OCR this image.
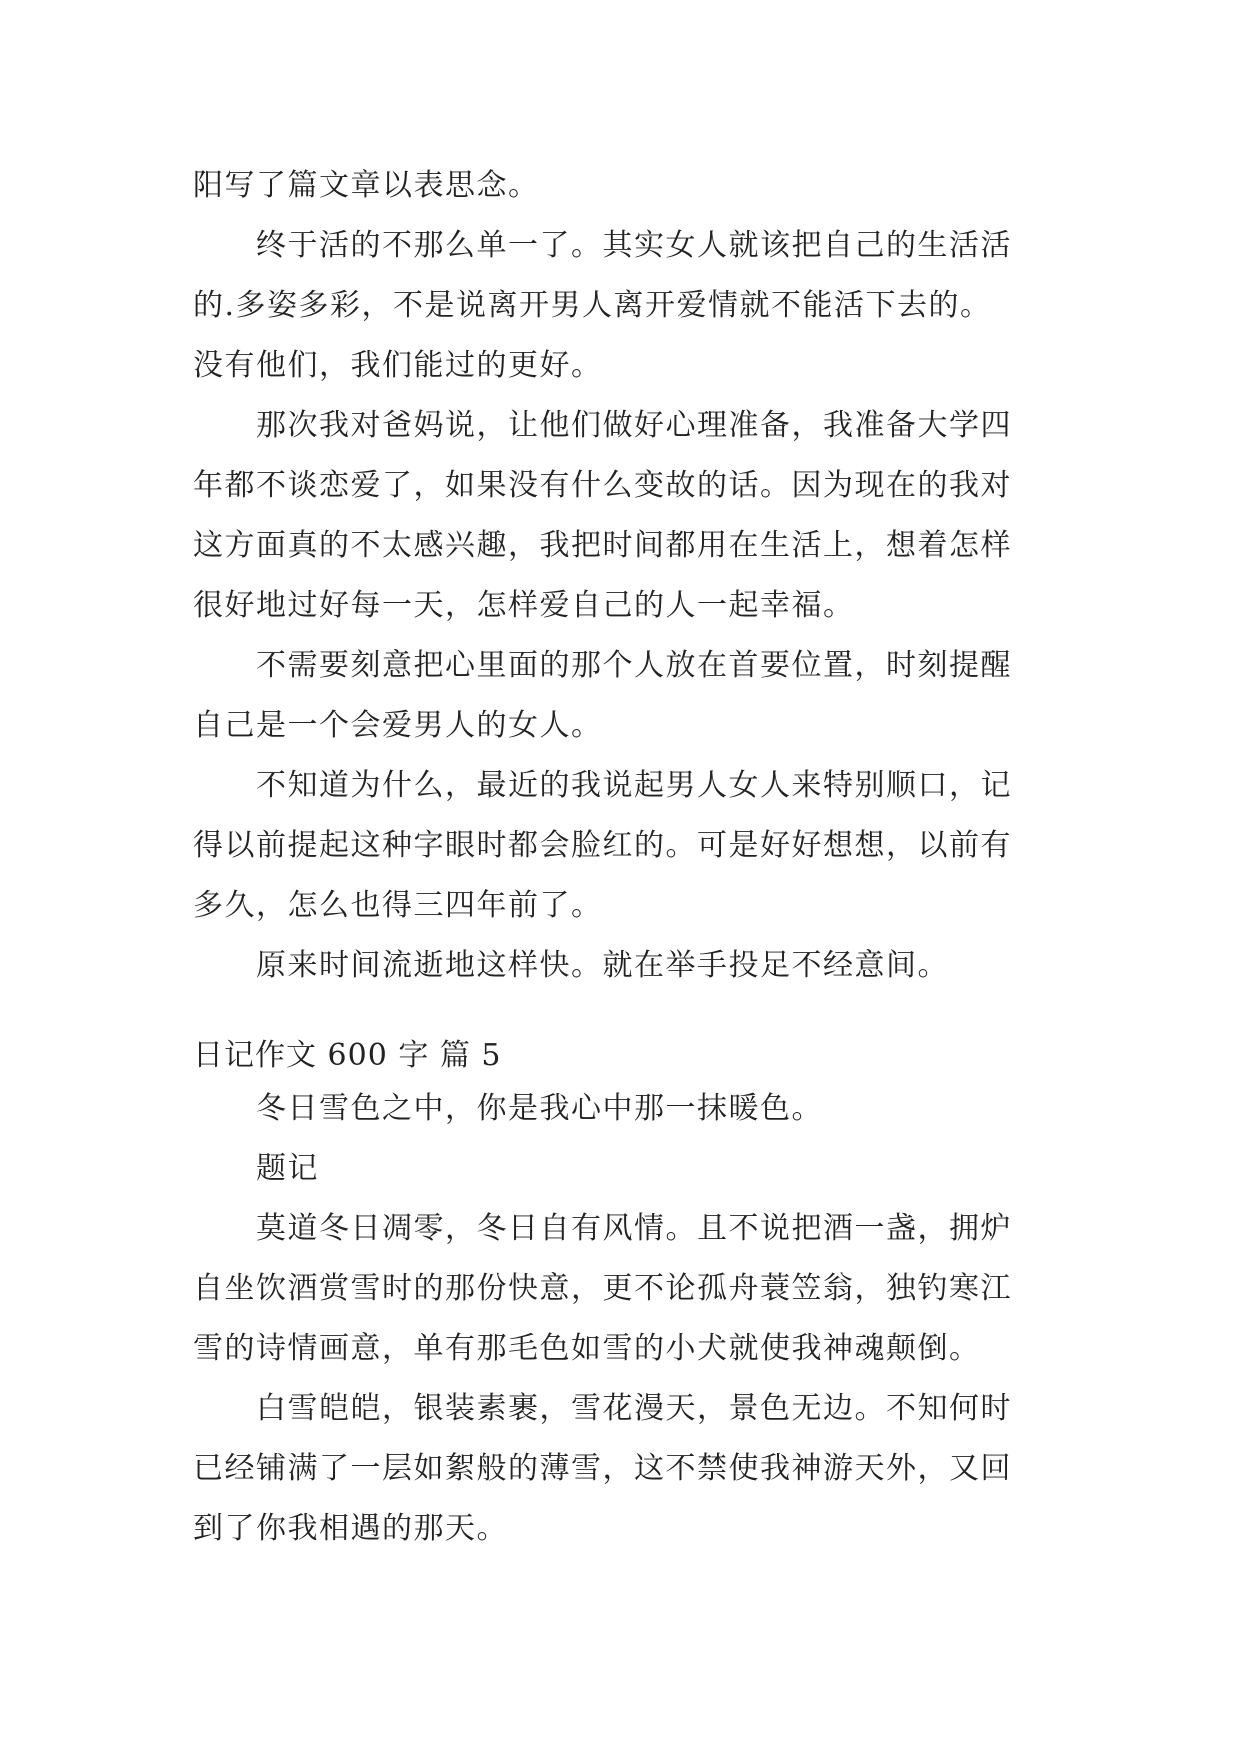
阳写了篇文章以表思念。
终于活的不那么单一了。其实女人就该把自己的生活活
的.多姿多彩，不是说离开男人离开爱情就不能活下去的。
没有他们，我们能过的更好。
那次我对爸妈说，让他们做好心理准备，我准备大学四
年都不谈恋爱了，如果没有什么变故的话。因为现在的我对
这方面真的不太感兴趣，我把时间都用在生活上，想着怎样
很好地过好每一天，怎样爱自己的人一起幸福。
不需要刻意把心里面的那个人放在首要位置，时刻提醒
自己是一个会爱男人的女人。
不知道为什么，最近的我说起男人女人来特别顺口，记
得以前提起这种字眼时都会脸红的。可是好好想想，以前有
多久，怎么也得三四年前了。
原来时间流逝地这样快。就在举手投足不经意间。
日记作文 600 字 篇 5
冬日雪色之中，你是我心中那一抹暖色。
题记
莫道冬日凋零，冬日自有风情。且不说把酒一盏，拥炉
自坐饮酒赏雪时的那份快意，更不论孤舟蓑笠翁，独钓寒江
雪的诗情画意，单有那毛色如雪的小犬就使我神魂颠倒。
白雪皑皑，银装素裹，雪花漫天，景色无边。不知何时
已经铺满了一层如絮般的薄雪，这不禁使我神游天外，又回
到了你我相遇的那天。
